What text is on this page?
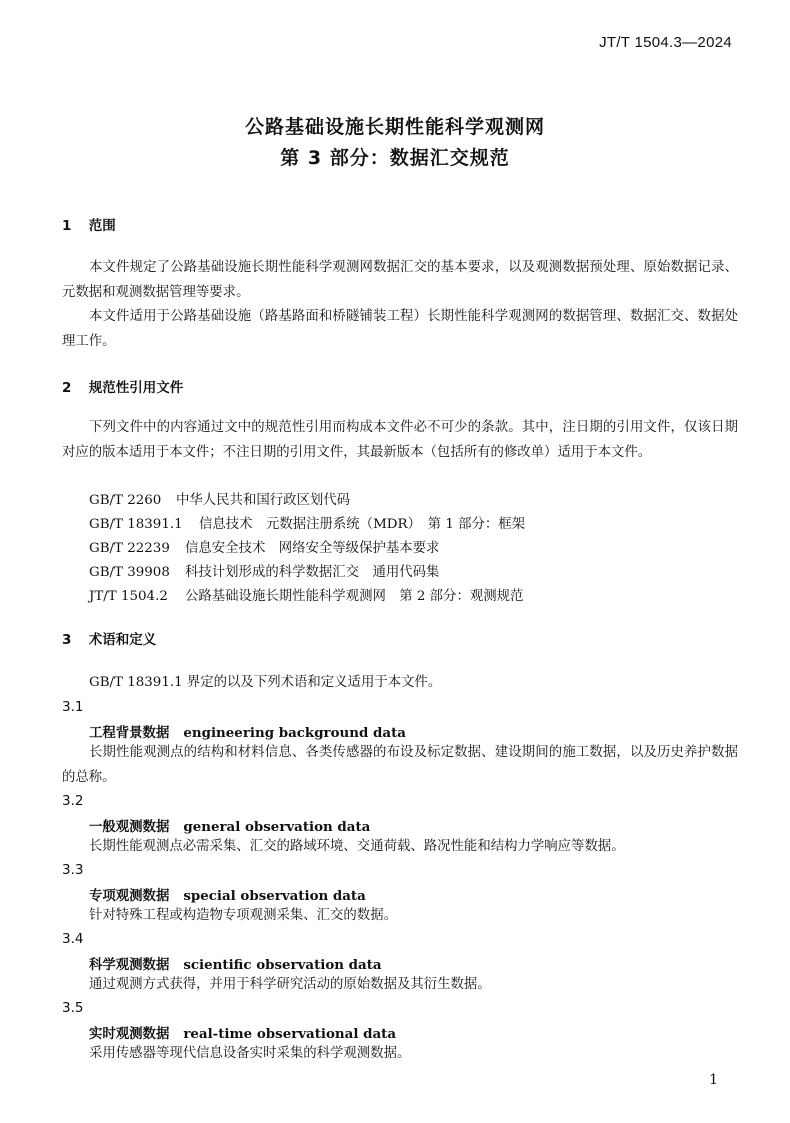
JT/T 1504.3—2024
公路基础设施长期性能科学观测网
第 3 部分：数据汇交规范
1 范围
本文件规定了公路基础设施长期性能科学观测网数据汇交的基本要求，以及观测数据预处理、原始数据记录、元数据和观测数据管理等要求。
本文件适用于公路基础设施（路基路面和桥隧铺装工程）长期性能科学观测网的数据管理、数据汇交、数据处理工作。
2 规范性引用文件
下列文件中的内容通过文中的规范性引用而构成本文件必不可少的条款。其中，注日期的引用文件，仅该日期对应的版本适用于本文件；不注日期的引用文件，其最新版本（包括所有的修改单）适用于本文件。
GB/T 2260 中华人民共和国行政区划代码
GB/T 18391.1 信息技术　元数据注册系统（MDR）　第 1 部分：框架
GB/T 22239 信息安全技术　网络安全等级保护基本要求
GB/T 39908 科技计划形成的科学数据汇交　通用代码集
JT/T 1504.2 公路基础设施长期性能科学观测网　第 2 部分：观测规范
3 术语和定义
GB/T 18391.1 界定的以及下列术语和定义适用于本文件。
3.1
工程背景数据 engineering background data
长期性能观测点的结构和材料信息、各类传感器的布设及标定数据、建设期间的施工数据，以及历史养护数据的总称。
3.2
一般观测数据 general observation data
长期性能观测点必需采集、汇交的路域环境、交通荷载、路况性能和结构力学响应等数据。
3.3
专项观测数据 special observation data
针对特殊工程或构造物专项观测采集、汇交的数据。
3.4
科学观测数据 scientific observation data
通过观测方式获得，并用于科学研究活动的原始数据及其衍生数据。
3.5
实时观测数据 real-time observational data
采用传感器等现代信息设备实时采集的科学观测数据。
1
